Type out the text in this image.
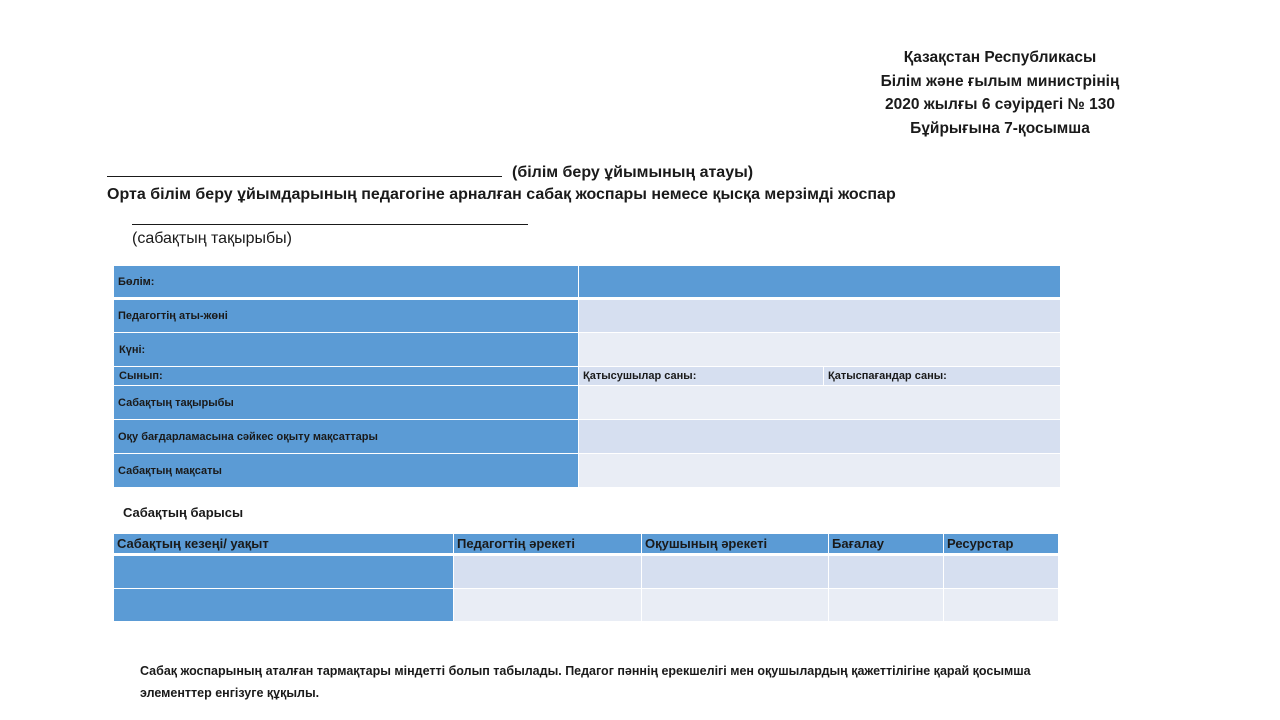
Қазақстан Республикасы
Білім және ғылым министрінің
2020 жылғы 6 сәуірдегі № 130
Бұйрығына 7-қосымша
(білім беру ұйымының атауы)
Орта білім беру ұйымдарының педагогіне арналған сабақ жоспары немесе қысқа мерзімді жоспар
(сабақтың тақырыбы)
Бөлім:		
Педагогтің аты-жөні		
Күні:		
Сынып:	Қатысушылар саны:	Қатыспағандар саны:
Сабақтың тақырыбы		
Оқу бағдарламасына сәйкес оқыту мақсаттары		
Сабақтың мақсаты		
Сабақтың барысы
Сабақтың кезеңі/ уақыт	Педагогтің әрекеті	Оқушының әрекеті	Бағалау	Ресурстар

Сабақ жоспарының аталған тармақтары міндетті болып табылады. Педагог пәннің ерекшелігі мен оқушылардың қажеттілігіне қарай қосымша элементтер енгізуге құқылы.
